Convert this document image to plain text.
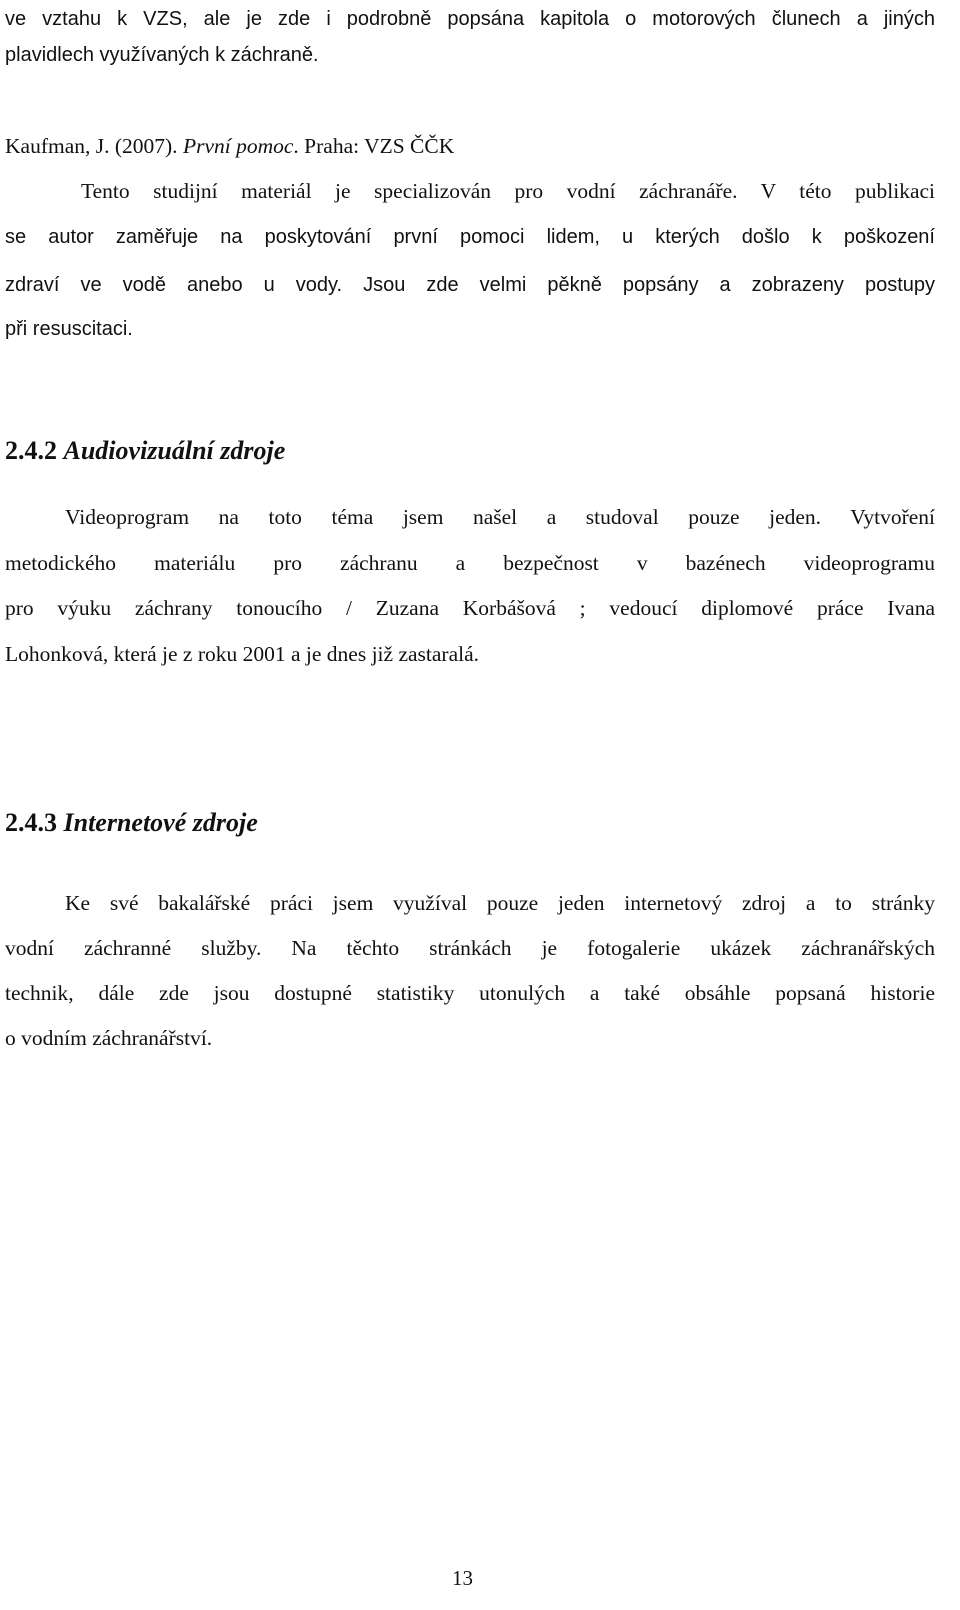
ve vztahu k VZS, ale je zde i podrobně popsána kapitola o motorových člunech a jiných
plavidlech využívaných k záchraně.
Kaufman, J. (2007). První pomoc. Praha: VZS ČČK
Tento studijní materiál je specializován pro vodní záchranáře. V této publikaci
se autor zaměřuje na poskytování první pomoci lidem, u kterých došlo k poškození
zdraví ve vodě anebo u vody. Jsou zde velmi pěkně popsány a zobrazeny postupy
při resuscitaci.
2.4.2 Audiovizuální zdroje
Videoprogram na toto téma jsem našel a studoval pouze jeden. Vytvoření
metodického materiálu pro záchranu a bezpečnost v bazénech videoprogramu
pro výuku záchrany tonoucího / Zuzana Korbášová ; vedoucí diplomové práce Ivana
Lohonková, která je z roku 2001 a je dnes již zastaralá.
2.4.3 Internetové zdroje
Ke své bakalářské práci jsem využíval pouze jeden internetový zdroj a to stránky
vodní záchranné služby. Na těchto stránkách je fotogalerie ukázek záchranářských
technik, dále zde jsou dostupné statistiky utonulých a také obsáhle popsaná historie
o vodním záchranářství.
13
